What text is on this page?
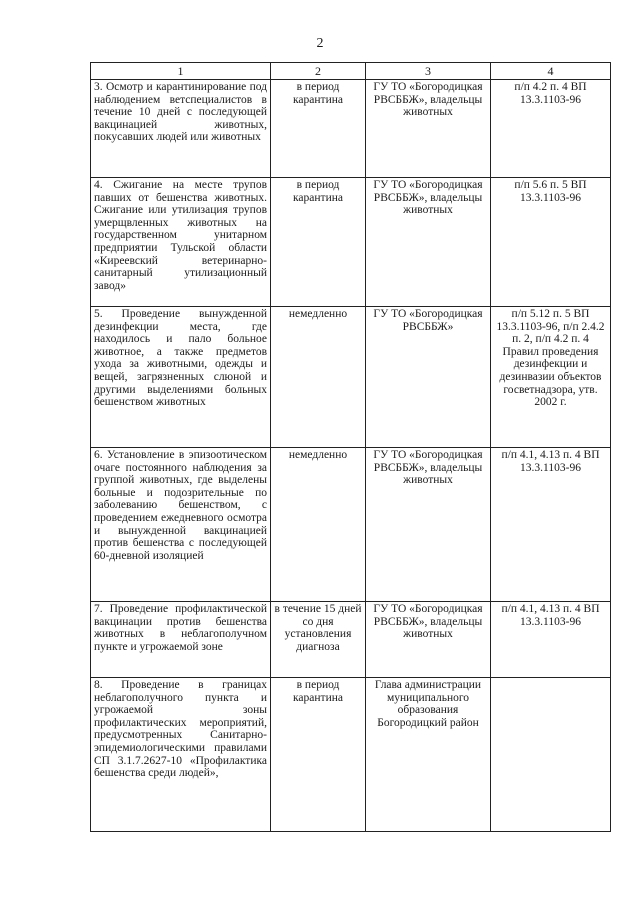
2
1	2	3	4
3. Осмотр и карантинирование под наблюдением ветспециалистов в течение 10 дней с последующей вакцинацией животных, покусавших людей или животных	в период карантина	ГУ ТО «Богородицкая РВСББЖ», владельцы животных	п/п 4.2 п. 4 ВП 13.3.1103-96
4. Сжигание на месте трупов павших от бешенства животных. Сжигание или утилизация трупов умерщвленных животных на государственном унитарном предприятии Тульской области «Киреевский ветеринарно-санитарный утилизационный завод»	в период карантина	ГУ ТО «Богородицкая РВСББЖ», владельцы животных	п/п 5.6 п. 5 ВП 13.3.1103-96
5. Проведение вынужденной дезинфекции места, где находилось и пало больное животное, а также предметов ухода за животными, одежды и вещей, загрязненных слюной и другими выделениями больных бешенством животных	немедленно	ГУ ТО «Богородицкая РВСББЖ»	п/п 5.12 п. 5 ВП 13.3.1103-96, п/п 2.4.2 п. 2, п/п 4.2 п. 4 Правил проведения дезинфекции и дезинвазии объектов госветнадзора, утв. 2002 г.
6. Установление в эпизоотическом очаге постоянного наблюдения за группой животных, где выделены больные и подозрительные по заболеванию бешенством, с проведением ежедневного осмотра и вынужденной вакцинацией против бешенства с последующей 60-дневной изоляцией	немедленно	ГУ ТО «Богородицкая РВСББЖ», владельцы животных	п/п 4.1, 4.13 п. 4 ВП 13.3.1103-96
7. Проведение профилактической вакцинации против бешенства животных в неблагополучном пункте и угрожаемой зоне	в течение 15 дней со дня установления диагноза	ГУ ТО «Богородицкая РВСББЖ», владельцы животных	п/п 4.1, 4.13 п. 4 ВП 13.3.1103-96
8. Проведение в границах неблагополучного пункта и угрожаемой зоны профилактических мероприятий, предусмотренных Санитарно-эпидемиологическими правилами СП 3.1.7.2627-10 «Профилактика бешенства среди людей»,	в период карантина	Глава администрации муниципального образования Богородицкий район	
